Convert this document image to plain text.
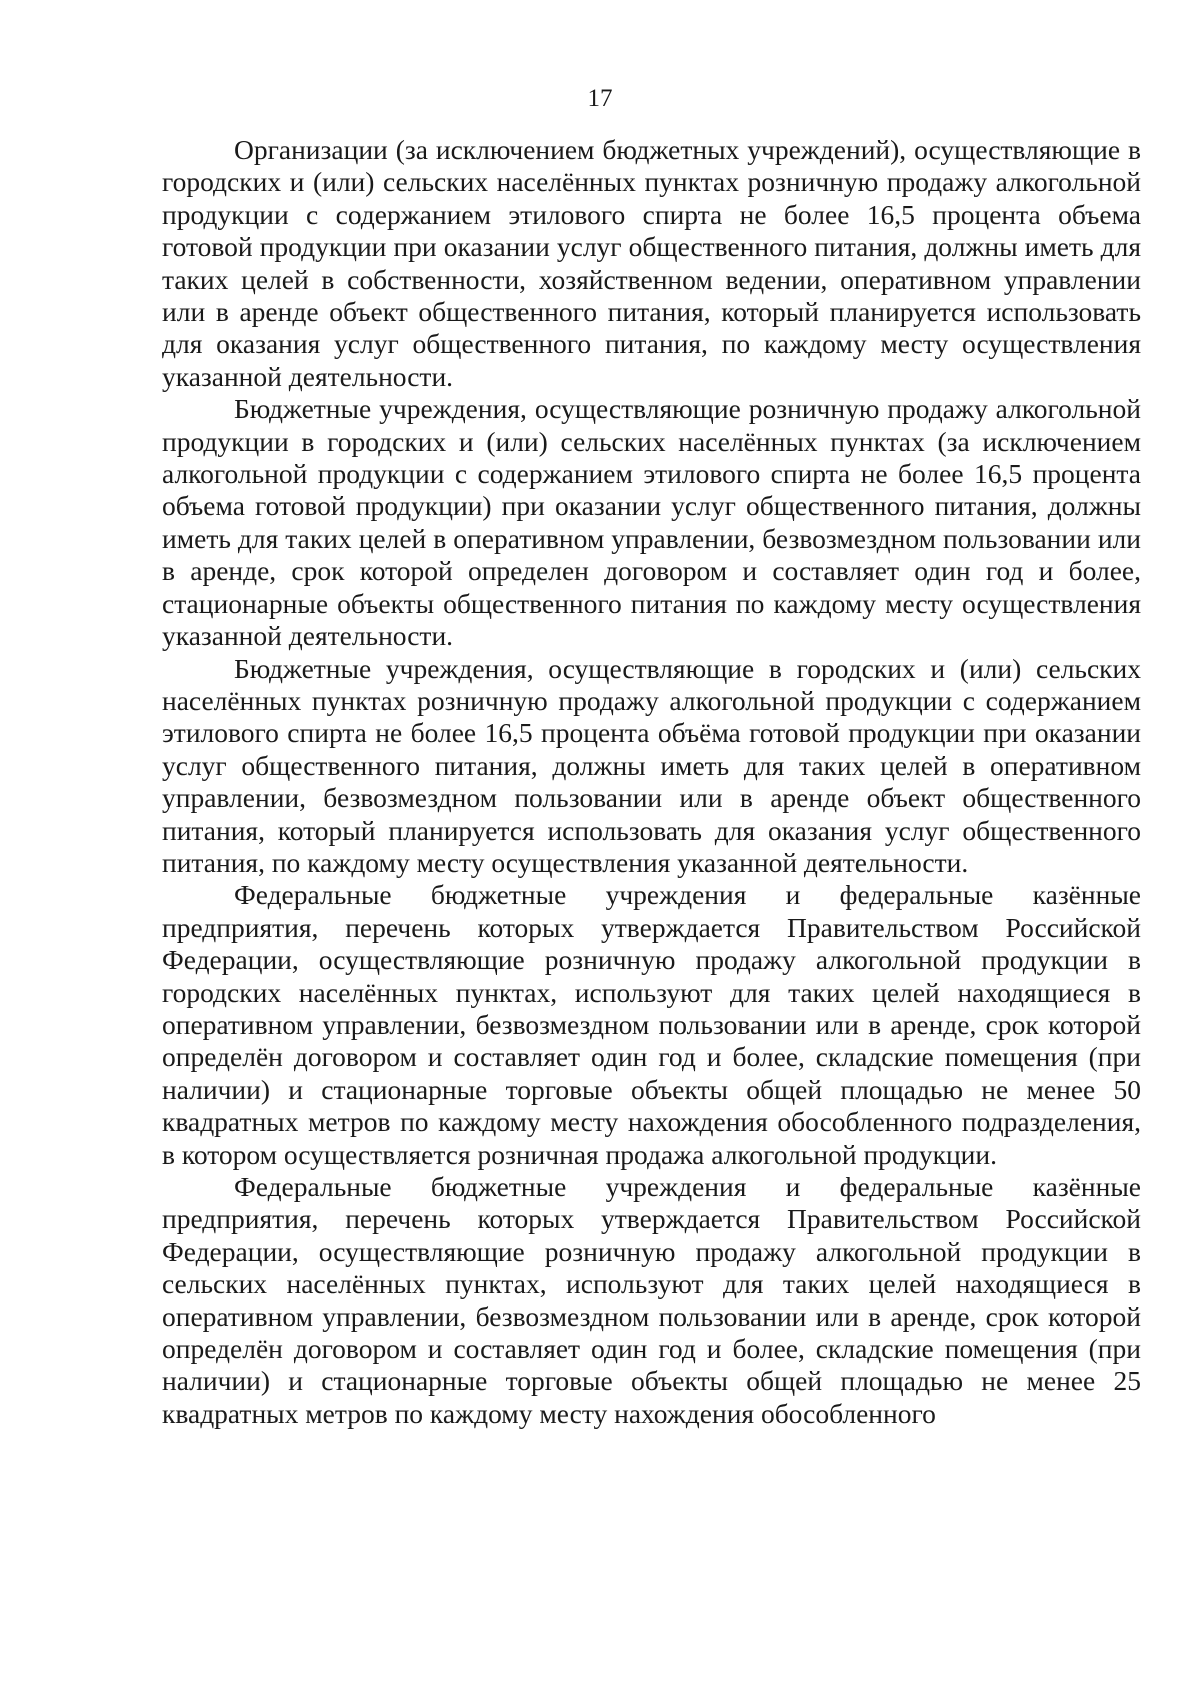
17

Организации (за исключением бюджетных учреждений), осуществляющие в городских и (или) сельских населённых пунктах розничную продажу алкогольной продукции с содержанием этилового спирта не более 16,5 процента объема готовой продукции при оказании услуг общественного питания, должны иметь для таких целей в собственности, хозяйственном ведении, оперативном управлении или в аренде объект общественного питания, который планируется использовать для оказания услуг общественного питания, по каждому месту осуществления указанной деятельности.

Бюджетные учреждения, осуществляющие розничную продажу алкогольной продукции в городских и (или) сельских населённых пунктах (за исключением алкогольной продукции с содержанием этилового спирта не более 16,5 процента объема готовой продукции) при оказании услуг общественного питания, должны иметь для таких целей в оперативном управлении, безвозмездном пользовании или в аренде, срок которой определен договором и составляет один год и более, стационарные объекты общественного питания по каждому месту осуществления указанной деятельности.

Бюджетные учреждения, осуществляющие в городских и (или) сельских населённых пунктах розничную продажу алкогольной продукции с содержанием этилового спирта не более 16,5 процента объёма готовой продукции при оказании услуг общественного питания, должны иметь для таких целей в оперативном управлении, безвозмездном пользовании или в аренде объект общественного питания, который планируется использовать для оказания услуг общественного питания, по каждому месту осуществления указанной деятельности.

Федеральные бюджетные учреждения и федеральные казённые предприятия, перечень которых утверждается Правительством Российской Федерации, осуществляющие розничную продажу алкогольной продукции в городских населённых пунктах, используют для таких целей находящиеся в оперативном управлении, безвозмездном пользовании или в аренде, срок которой определён договором и составляет один год и более, складские помещения (при наличии) и стационарные торговые объекты общей площадью не менее 50 квадратных метров по каждому месту нахождения обособленного подразделения, в котором осуществляется розничная продажа алкогольной продукции.

Федеральные бюджетные учреждения и федеральные казённые предприятия, перечень которых утверждается Правительством Российской Федерации, осуществляющие розничную продажу алкогольной продукции в сельских населённых пунктах, используют для таких целей находящиеся в оперативном управлении, безвозмездном пользовании или в аренде, срок которой определён договором и составляет один год и более, складские помещения (при наличии) и стационарные торговые объекты общей площадью не менее 25 квадратных метров по каждому месту нахождения обособленного
